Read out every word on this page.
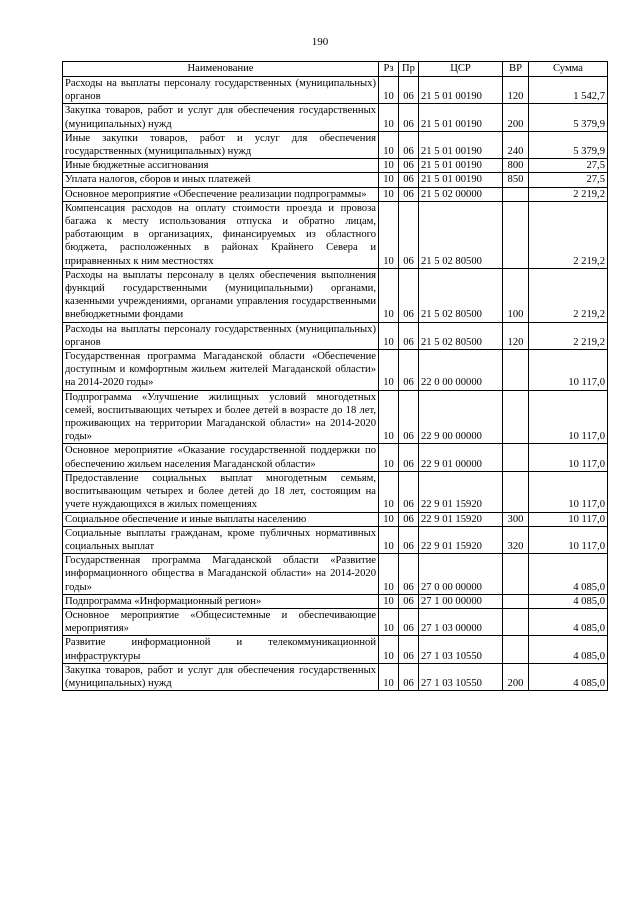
190
Наименование	Рз	Пр	ЦСР	ВР	Сумма
Расходы на выплаты персоналу государственных (муниципальных) органов	10	06	21 5 01 00190	120	1 542,7
Закупка товаров, работ и услуг для обеспечения государственных (муниципальных) нужд	10	06	21 5 01 00190	200	5 379,9
Иные закупки товаров, работ и услуг для обеспечения государственных (муниципальных) нужд	10	06	21 5 01 00190	240	5 379,9
Иные бюджетные ассигнования	10	06	21 5 01 00190	800	27,5
Уплата налогов, сборов и иных платежей	10	06	21 5 01 00190	850	27,5
Основное мероприятие «Обеспечение реализации подпрограммы»	10	06	21 5 02 00000		2 219,2
Компенсация расходов на оплату стоимости проезда и провоза багажа к месту использования отпуска и обратно лицам, работающим в организациях, финансируемых из областного бюджета, расположенных в районах Крайнего Севера и приравненных к ним местностях	10	06	21 5 02 80500		2 219,2
Расходы на выплаты персоналу в целях обеспечения выполнения функций государственными (муниципальными) органами, казенными учреждениями, органами управления государственными внебюджетными фондами	10	06	21 5 02 80500	100	2 219,2
Расходы на выплаты персоналу государственных (муниципальных) органов	10	06	21 5 02 80500	120	2 219,2
Государственная программа Магаданской области «Обеспечение доступным и комфортным жильем жителей Магаданской области» на 2014-2020 годы»	10	06	22 0 00 00000		10 117,0
Подпрограмма «Улучшение жилищных условий многодетных семей, воспитывающих четырех и более детей в возрасте до 18 лет, проживающих на территории Магаданской области» на 2014-2020 годы»	10	06	22 9 00 00000		10 117,0
Основное мероприятие «Оказание государственной поддержки по обеспечению жильем населения Магаданской области»	10	06	22 9 01 00000		10 117,0
Предоставление социальных выплат многодетным семьям, воспитывающим четырех и более детей до 18 лет, состоящим на учете нуждающихся в жилых помещениях	10	06	22 9 01 15920		10 117,0
Социальное обеспечение и иные выплаты населению	10	06	22 9 01 15920	300	10 117,0
Социальные выплаты гражданам, кроме публичных нормативных социальных выплат	10	06	22 9 01 15920	320	10 117,0
Государственная программа Магаданской области «Развитие информационного общества в Магаданской области» на 2014-2020 годы»	10	06	27 0 00 00000		4 085,0
Подпрограмма «Информационный регион»	10	06	27 1 00 00000		4 085,0
Основное мероприятие «Общесистемные и обеспечивающие мероприятия»	10	06	27 1 03 00000		4 085,0
Развитие информационной и телекоммуникационной инфраструктуры	10	06	27 1 03 10550		4 085,0
Закупка товаров, работ и услуг для обеспечения государственных (муниципальных) нужд	10	06	27 1 03 10550	200	4 085,0
